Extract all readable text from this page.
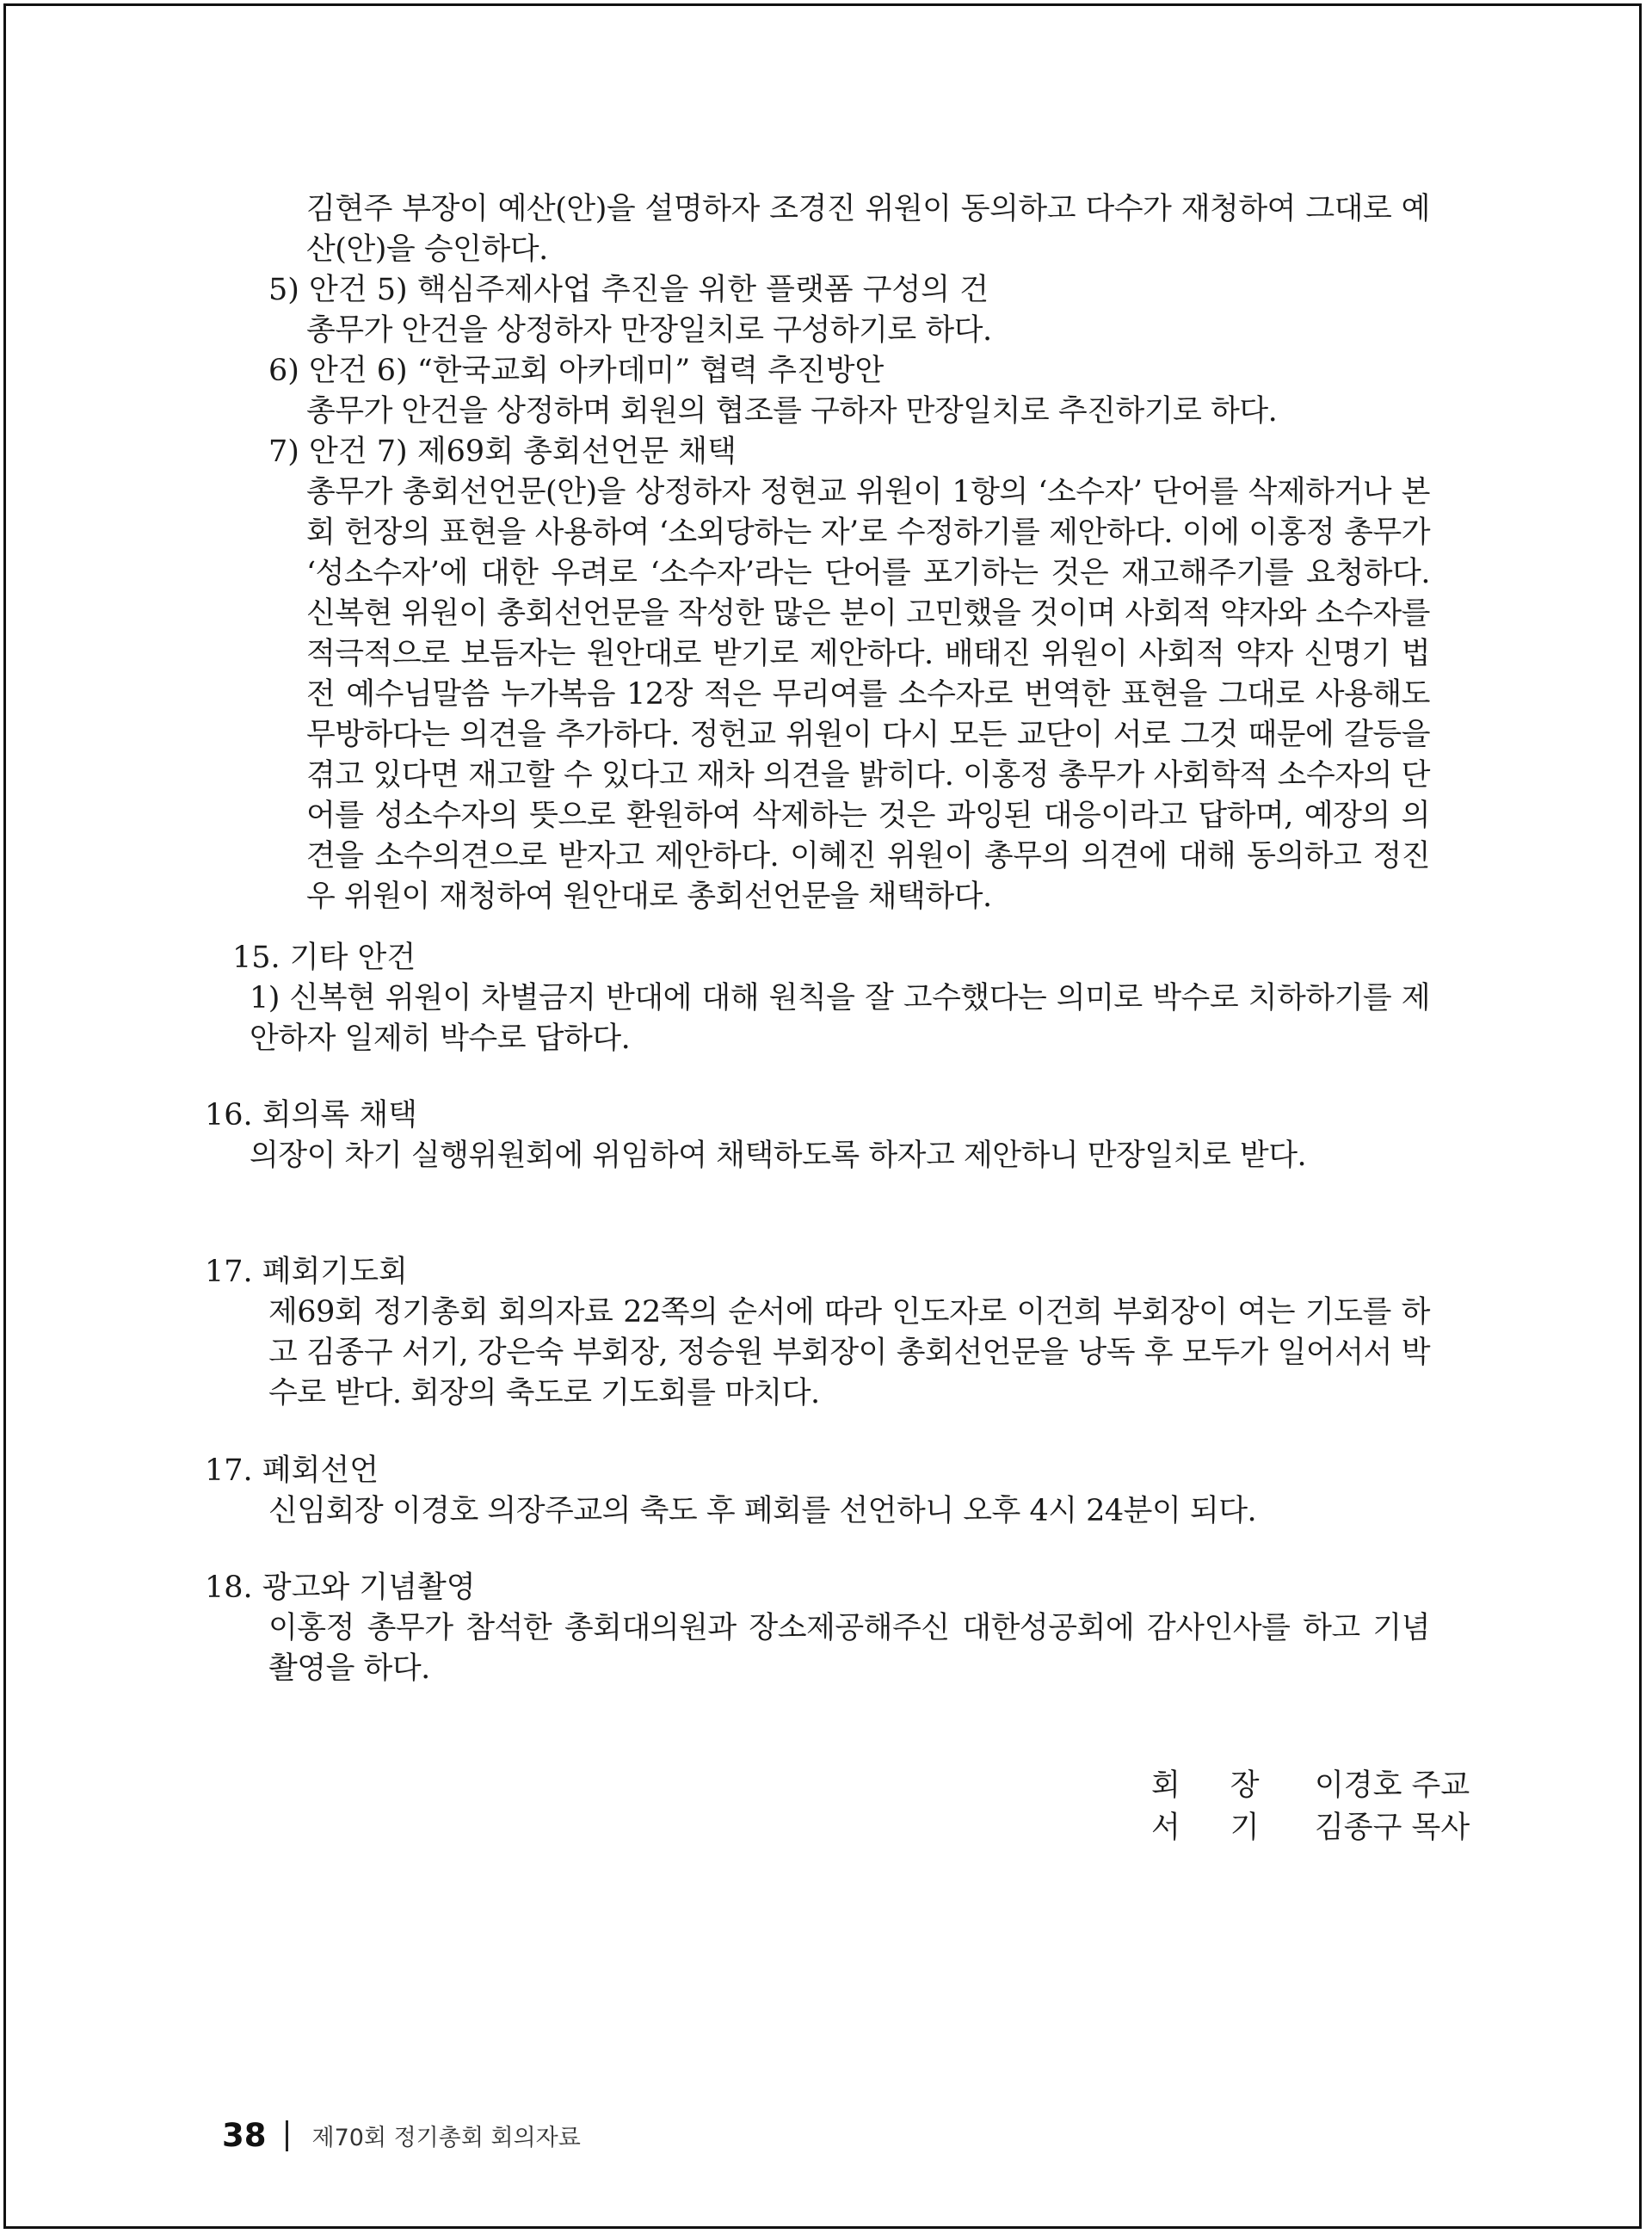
김현주 부장이 예산(안)을 설명하자 조경진 위원이 동의하고 다수가 재청하여 그대로 예산(안)을 승인하다.

5) 안건 5) 핵심주제사업 추진을 위한 플랫폼 구성의 건

총무가 안건을 상정하자 만장일치로 구성하기로 하다.

6) 안건 6) “한국교회 아카데미” 협력 추진방안

총무가 안건을 상정하며 회원의 협조를 구하자 만장일치로 추진하기로 하다.

7) 안건 7) 제69회 총회선언문 채택

총무가 총회선언문(안)을 상정하자 정현교 위원이 1항의 ‘소수자’ 단어를 삭제하거나 본 회 헌장의 표현을 사용하여 ‘소외당하는 자’로 수정하기를 제안하다. 이에 이홍정 총무가 ‘성소수자’에 대한 우려로 ‘소수자’라는 단어를 포기하는 것은 재고해주기를 요청하다. 신복현 위원이 총회선언문을 작성한 많은 분이 고민했을 것이며 사회적 약자와 소수자를 적극적으로 보듬자는 원안대로 받기로 제안하다. 배태진 위원이 사회적 약자 신명기 법전 예수님말씀 누가복음 12장 적은 무리여를 소수자로 번역한 표현을 그대로 사용해도 무방하다는 의견을 추가하다. 정헌교 위원이 다시 모든 교단이 서로 그것 때문에 갈등을 겪고 있다면 재고할 수 있다고 재차 의견을 밝히다. 이홍정 총무가 사회학적 소수자의 단어를 성소수자의 뜻으로 환원하여 삭제하는 것은 과잉된 대응이라고 답하며, 예장의 의견을 소수의견으로 받자고 제안하다. 이혜진 위원이 총무의 의견에 대해 동의하고 정진우 위원이 재청하여 원안대로 총회선언문을 채택하다.

15. 기타 안건

1) 신복현 위원이 차별금지 반대에 대해 원칙을 잘 고수했다는 의미로 박수로 치하하기를 제안하자 일제히 박수로 답하다.

16. 회의록 채택

의장이 차기 실행위원회에 위임하여 채택하도록 하자고 제안하니 만장일치로 받다.

17. 폐회기도회

제69회 정기총회 회의자료 22쪽의 순서에 따라 인도자로 이건희 부회장이 여는 기도를 하고 김종구 서기, 강은숙 부회장, 정승원 부회장이 총회선언문을 낭독 후 모두가 일어서서 박수로 받다. 회장의 축도로 기도회를 마치다.

17. 폐회선언

신임회장 이경호 의장주교의 축도 후 폐회를 선언하니 오후 4시 24분이 되다.

18. 광고와 기념촬영

이홍정 총무가 참석한 총회대의원과 장소제공해주신 대한성공회에 감사인사를 하고 기념촬영을 하다.

회장 이경호 주교
서기 김종구 목사
38 제70회 정기총회 회의자료
